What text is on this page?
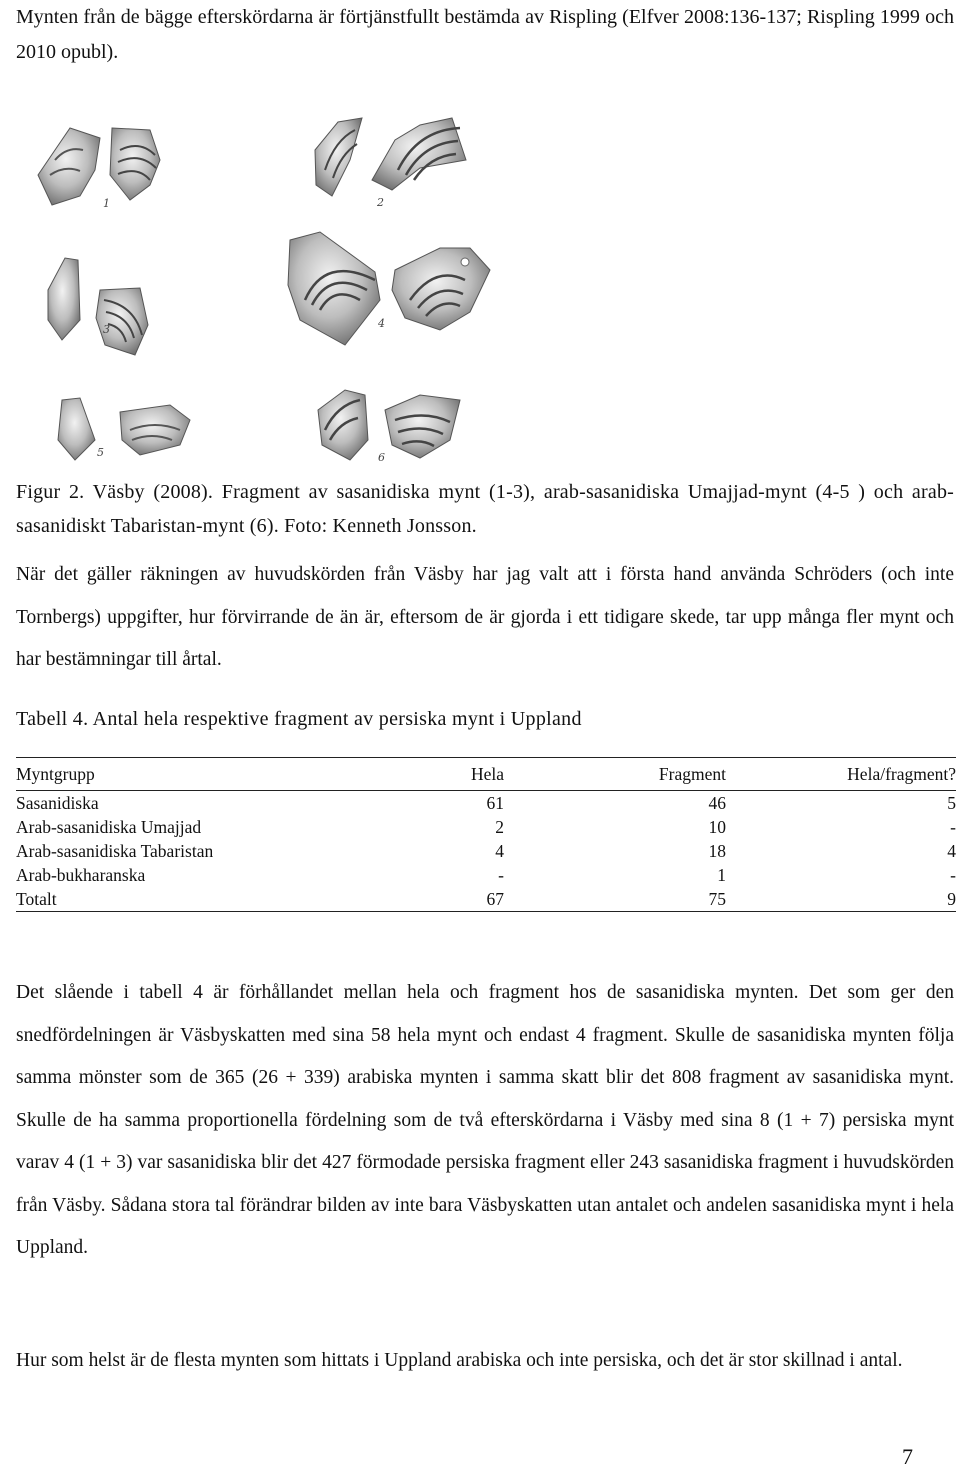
Mynten från de bägge efterskördarna är förtjänstfullt bestämda av Rispling (Elfver 2008:136-137; Rispling 1999 och 2010 opubl).

1	2
3	4
5	6

Figur 2. Väsby (2008). Fragment av sasanidiska mynt (1-3), arab-sasanidiska Umajjad-mynt (4-5 ) och arab-sasanidiskt Tabaristan-mynt (6). Foto: Kenneth Jonsson.

När det gäller räkningen av huvudskörden från Väsby har jag valt att i första hand använda Schröders (och inte Tornbergs) uppgifter, hur förvirrande de än är, eftersom de är gjorda i ett tidigare skede, tar upp många fler mynt och har bestämningar till årtal.

Tabell 4. Antal hela respektive fragment av persiska mynt i Uppland
Myntgrupp	Hela	Fragment	Hela/fragment?
Sasanidiska	61	46	5
Arab-sasanidiska Umajjad	2	10	-
Arab-sasanidiska Tabaristan	4	18	4
Arab-bukharanska	-	1	-
Totalt	67	75	9

Det slående i tabell 4 är förhållandet mellan hela och fragment hos de sasanidiska mynten. Det som ger den snedfördelningen är Väsbyskatten med sina 58 hela mynt och endast 4 fragment. Skulle de sasanidiska mynten följa samma mönster som de 365 (26 + 339) arabiska mynten i samma skatt blir det 808 fragment av sasanidiska mynt. Skulle de ha samma proportionella fördelning som de två efterskördarna i Väsby med sina 8 (1 + 7) persiska mynt varav 4 (1 + 3) var sasanidiska blir det 427 förmodade persiska fragment eller 243 sasanidiska fragment i huvudskörden från Väsby. Sådana stora tal förändrar bilden av inte bara Väsbyskatten utan antalet och andelen sasanidiska mynt i hela Uppland.

Hur som helst är de flesta mynten som hittats i Uppland arabiska och inte persiska, och det är stor skillnad i antal.

7
